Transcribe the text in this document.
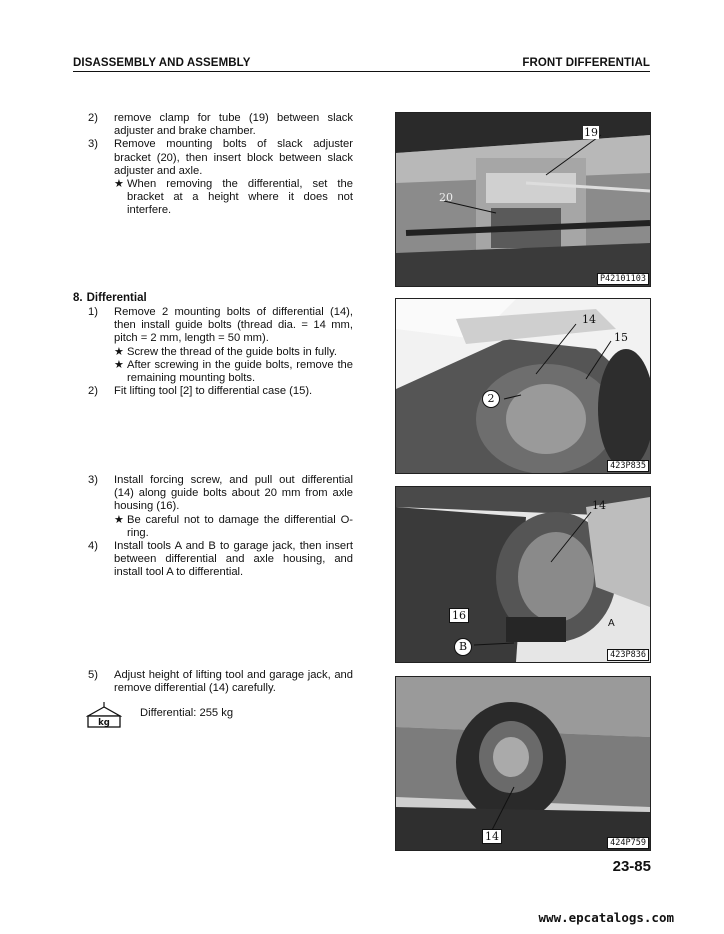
DISASSEMBLY AND ASSEMBLY	FRONT DIFFERENTIAL
2) remove clamp for tube (19) between slack adjuster and brake chamber.
3) Remove mounting bolts of slack adjuster bracket (20), then insert block between slack adjuster and axle.
★ When removing the differential, set the bracket at a height where it does not interfere.
8. Differential
1) Remove 2 mounting bolts of differential (14), then install guide bolts (thread dia. = 14 mm, pitch = 2 mm, length = 50 mm).
★ Screw the thread of the guide bolts in fully.
★ After screwing in the guide bolts, remove the remaining mounting bolts.
2) Fit lifting tool [2] to differential case (15).
3) Install forcing screw, and pull out differential (14) along guide bolts about 20 mm from axle housing (16).
★ Be careful not to damage the differential O-ring.
4) Install tools A and B to garage jack, then insert between differential and axle housing, and install tool A to differential.
5) Adjust height of lifting tool and garage jack, and remove differential (14) carefully.
kg
Differential: 255 kg
19
20
P42101103
14
15
2
423P835
14
16
B
A
423P836
14	424P759
23-85
www.epcatalogs.com
